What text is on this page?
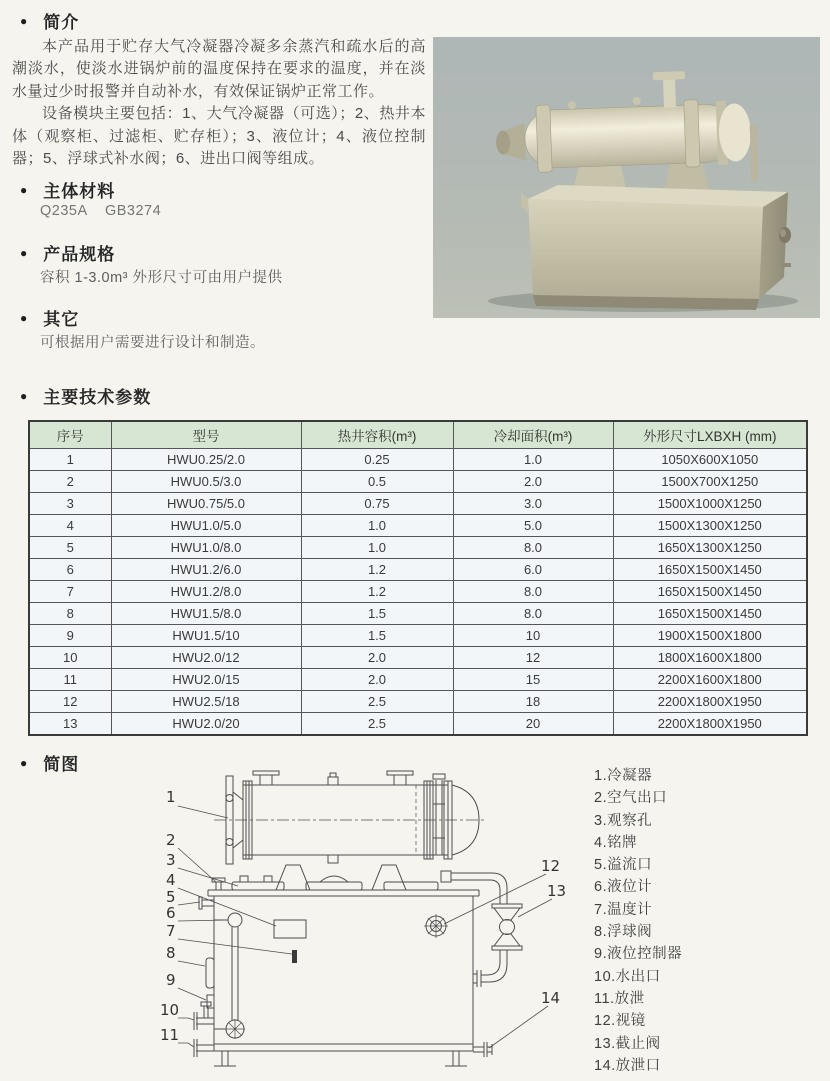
● 简介

本产品用于贮存大气冷凝器冷凝多余蒸汽和疏水后的高潮淡水，使淡水进锅炉前的温度保持在要求的温度，并在淡水量过少时报警并自动补水，有效保证锅炉正常工作。

设备模块主要包括：1、大气冷凝器（可选）；2、热井本体（观察柜、过滤柜、贮存柜）；3、液位计；4、液位控制器；5、浮球式补水阀；6、进出口阀等组成。

● 主体材料
Q235A    GB3274
● 产品规格
容积 1-3.0m³ 外形尺寸可由用户提供
● 其它
可根据用户需要进行设计和制造。
● 主要技术参数
序号	型号	热井容积(m³)	冷却面积(m³)	外形尺寸LXBXH (mm)
1	HWU0.25/2.0	0.25	1.0	1050X600X1050
2	HWU0.5/3.0	0.5	2.0	1500X700X1250
3	HWU0.75/5.0	0.75	3.0	1500X1000X1250
4	HWU1.0/5.0	1.0	5.0	1500X1300X1250
5	HWU1.0/8.0	1.0	8.0	1650X1300X1250
6	HWU1.2/6.0	1.2	6.0	1650X1500X1450
7	HWU1.2/8.0	1.2	8.0	1650X1500X1450
8	HWU1.5/8.0	1.5	8.0	1650X1500X1450
9	HWU1.5/10	1.5	10	1900X1500X1800
10	HWU2.0/12	2.0	12	1800X1600X1800
11	HWU2.0/15	2.0	15	2200X1600X1800
12	HWU2.5/18	2.5	18	2200X1800X1950
13	HWU2.0/20	2.5	20	2200X1800X1950
● 简图
1
2
3
4
5
6
7
8
9
10
11
12
13
14
1.冷凝器
2.空气出口
3.观察孔
4.铭牌
5.溢流口
6.液位计
7.温度计
8.浮球阀
9.液位控制器
10.水出口
11.放泄
12.视镜
13.截止阀
14.放泄口
